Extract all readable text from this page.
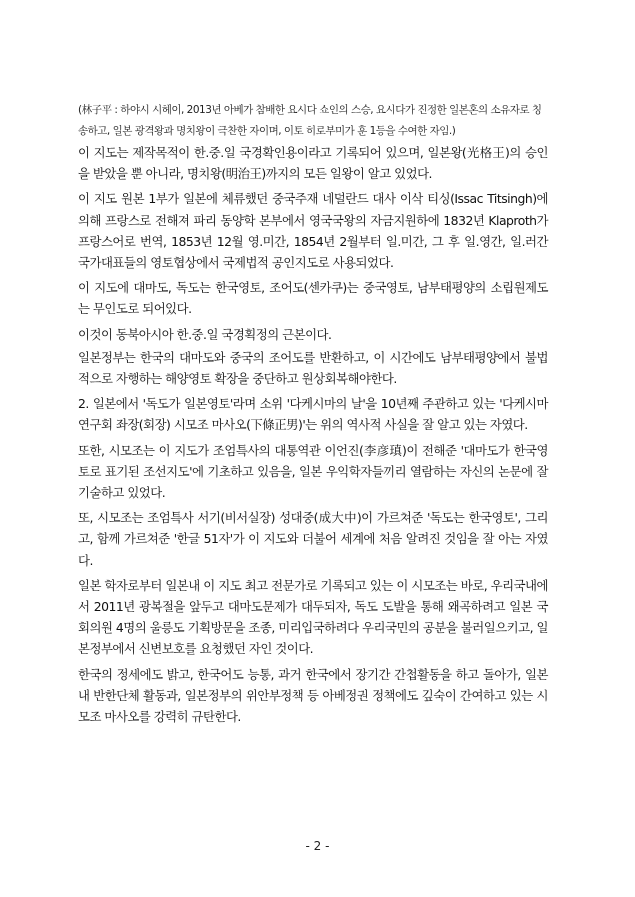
(林子平 : 하야시 시헤이, 2013년 아베가 참배한 요시다 쇼인의 스승, 요시다가 진정한 일본혼의 소유자로 칭송하고, 일본 광격왕과 명치왕이 극찬한 자이며, 이토 히로부미가 훈 1등을 수여한 자임.)

이 지도는 제작목적이 한.중.일 국경확인용이라고 기록되어 있으며, 일본왕(光格王)의 승인을 받았을 뿐 아니라, 명치왕(明治王)까지의 모든 일왕이 알고 있었다.

이 지도 원본 1부가 일본에 체류했던 중국주재 네덜란드 대사 이삭 티싱(Issac Titsingh)에 의해 프랑스로 전해져 파리 동양학 본부에서 영국국왕의 자금지원하에 1832년 Klaproth가 프랑스어로 번역, 1853년 12월 영.미간, 1854년 2월부터 일.미간, 그 후 일.영간, 일.러간 국가대표들의 영토협상에서 국제법적 공인지도로 사용되었다.

이 지도에 대마도, 독도는 한국영토, 조어도(센카쿠)는 중국영토, 남부태평양의 소립원제도는 무인도로 되어있다.

이것이 동북아시아 한.중.일 국경획정의 근본이다.

일본정부는 한국의 대마도와 중국의 조어도를 반환하고, 이 시간에도 남부태평양에서 불법적으로 자행하는 해양영토 확장을 중단하고 원상회복해야한다.

2. 일본에서 '독도가 일본영토'라며 소위 '다케시마의 날'을 10년째 주관하고 있는 '다케시마 연구회 좌장(회장) 시모조 마사오(下條正男)'는 위의 역사적 사실을 잘 알고 있는 자였다.

또한, 시모조는 이 지도가 조엄특사의 대통역관 이언진(李彦瑱)이 전해준 '대마도가 한국영토로 표기된 조선지도'에 기초하고 있음을, 일본 우익학자들끼리 열람하는 자신의 논문에 잘 기술하고 있었다.

또, 시모조는 조엄특사 서기(비서실장) 성대중(成大中)이 가르쳐준 '독도는 한국영토', 그리고, 함께 가르쳐준 '한글 51자'가 이 지도와 더불어 세계에 처음 알려진 것임을 잘 아는 자였다.

일본 학자로부터 일본내 이 지도 최고 전문가로 기록되고 있는 이 시모조는 바로, 우리국내에서 2011년 광복절을 앞두고 대마도문제가 대두되자, 독도 도발을 통해 왜곡하려고 일본 국회의원 4명의 울릉도 기획방문을 조종, 미리입국하려다 우리국민의 공분을 불러일으키고, 일본정부에서 신변보호를 요청했던 자인 것이다.

한국의 정세에도 밝고, 한국어도 능통, 과거 한국에서 장기간 간첩활동을 하고 돌아가, 일본내 반한단체 활동과, 일본정부의 위안부정책 등 아베정권 정책에도 깊숙이 간여하고 있는 시모조 마사오를 강력히 규탄한다.

- 2 -
